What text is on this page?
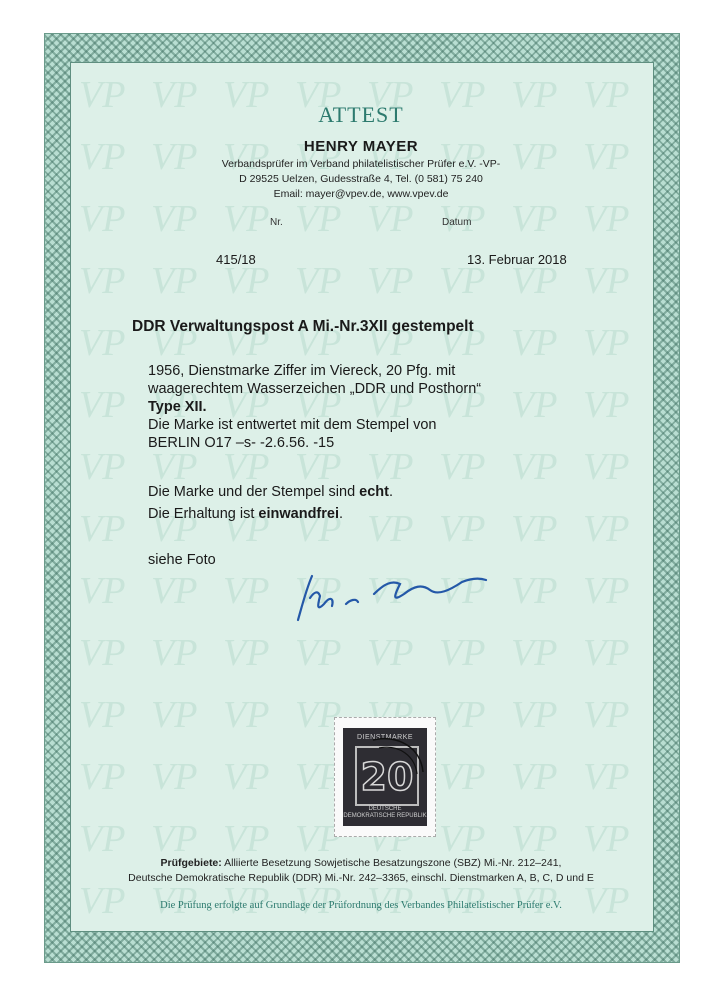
ATTEST
HENRY MAYER
Verbandsprüfer im Verband philatelistischer Prüfer e.V. -VP-
D 29525 Uelzen, Gudesstraße 4, Tel. (0 581) 75 240
Email: mayer@vpev.de, www.vpev.de
Nr.	Datum
415/18	13. Februar 2018
DDR Verwaltungspost A Mi.-Nr.3XII gestempelt
1956, Dienstmarke Ziffer im Viereck, 20 Pfg. mit
waagerechtem Wasserzeichen „DDR und Posthorn“
Type XII.
Die Marke ist entwertet mit dem Stempel von
BERLIN O17 –s- -2.6.56. -15
Die Marke und der Stempel sind echt.
Die Erhaltung ist einwandfrei.
siehe Foto
DIENSTMARKE
20
DEUTSCHE
DEMOKRATISCHE REPUBLIK
Prüfgebiete: Alliierte Besetzung Sowjetische Besatzungszone (SBZ) Mi.-Nr. 212–241,
Deutsche Demokratische Republik (DDR) Mi.-Nr. 242–3365, einschl. Dienstmarken A, B, C, D und E
Die Prüfung erfolgte auf Grundlage der Prüfordnung des Verbandes Philatelistischer Prüfer e.V.
